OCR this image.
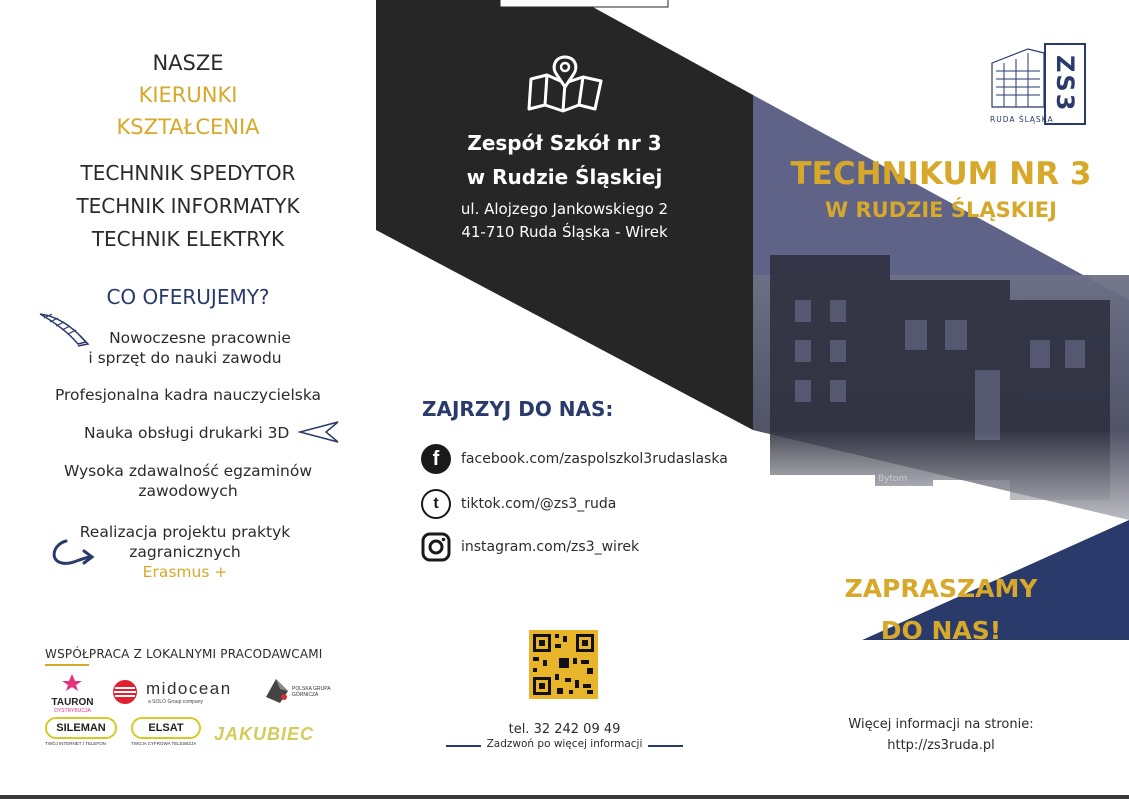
NASZE
KIERUNKI
KSZTAŁCENIA
TECHNNIK SPEDYTOR
TECHNIK INFORMATYK
TECHNIK ELEKTRYK
CO OFERUJEMY?
Nowoczesne pracownie
i sprzęt do nauki zawodu
Profesjonalna kadra nauczycielska
Nauka obsługi drukarki 3D
Wysoka zdawalność egzaminów
zawodowych
Realizacja projektu praktyk
zagranicznych
Erasmus +
WSPÓŁPRACA Z LOKALNYMI PRACODAWCAMI
TAURON
DYSTRYBUCJA
midocean
a SOLO Group company
POLSKA GRUPA GÓRNICZA
SILEMAN
TWÓJ INTERNET I TELEFON
ELSAT
TWOJA CYFROWA TELEWIZJA JAKUBIEC
Zespół Szkół nr 3
w Rudzie Śląskiej
ul. Alojzego Jankowskiego 2
41-710 Ruda Śląska - Wirek
ZAJRZYJ DO NAS:
f	facebook.com/zaspolszkol3rudaslaska
t	tiktok.com/@zs3_ruda
instagram.com/zs3_wirek
tel. 32 242 09 49
Zadzwoń po więcej informacji
ZS3
RUDA ŚLĄSKA
TECHNIKUM NR 3
W RUDZIE ŚLĄSKIEJ
Bytom
ZAPRASZAMY
DO NAS!
Więcej informacji na stronie:
http://zs3ruda.pl
